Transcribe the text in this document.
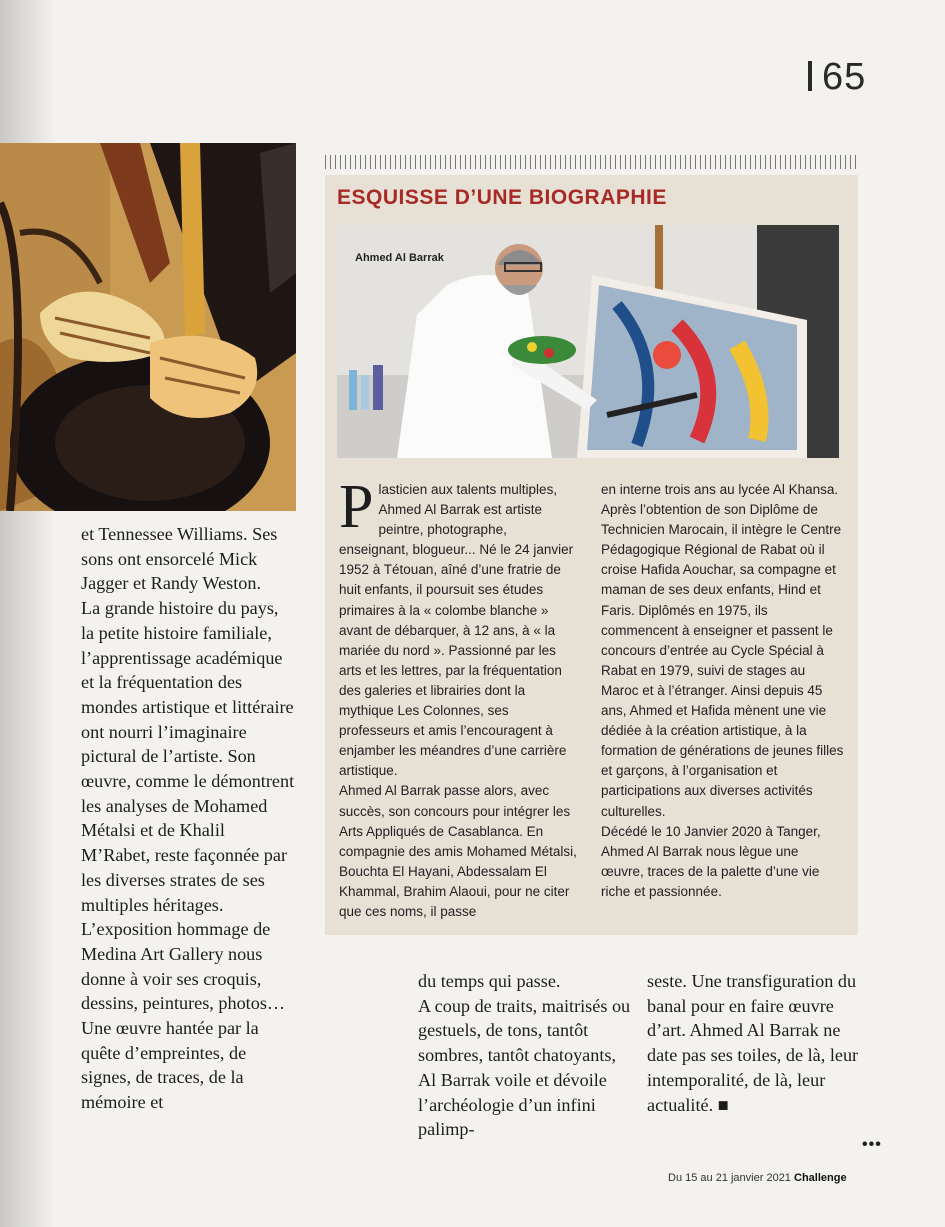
65
ESQUISSE D’UNE BIOGRAPHIE
Ahmed Al Barrak

Plasticien aux talents multiples, Ahmed Al Barrak est artiste peintre, photographe, enseignant, blogueur... Né le 24 janvier 1952 à Tétouan, aîné d’une fratrie de huit enfants, il poursuit ses études primaires à la « colombe blanche » avant de débarquer, à 12 ans, à « la mariée du nord ». Passionné par les arts et les lettres, par la fréquentation des galeries et librairies dont la mythique Les Colonnes, ses professeurs et amis l’encouragent à enjamber les méandres d’une carrière artistique.

Ahmed Al Barrak passe alors, avec succès, son concours pour intégrer les Arts Appliqués de Casablanca. En compagnie des amis Mohamed Métalsi, Bouchta El Hayani, Abdessalam El Khammal, Brahim Alaoui, pour ne citer que ces noms, il passe

en interne trois ans au lycée Al Khansa. Après l’obtention de son Diplôme de Technicien Marocain, il intègre le Centre Pédagogique Régional de Rabat où il croise Hafida Aouchar, sa compagne et maman de ses deux enfants, Hind et Faris. Diplômés en 1975, ils commencent à enseigner et passent le concours d’entrée au Cycle Spécial à Rabat en 1979, suivi de stages au Maroc et à l’étranger. Ainsi depuis 45 ans, Ahmed et Hafida mènent une vie dédiée à la création artistique, à la formation de générations de jeunes filles et garçons, à l’organisation et participations aux diverses activités culturelles.

Décédé le 10 Janvier 2020 à Tanger, Ahmed Al Barrak nous lègue une œuvre, traces de la palette d’une vie riche et passionnée.

et Tennessee Williams. Ses sons ont ensorcelé Mick Jagger et Randy Weston.

La grande histoire du pays, la petite histoire familiale, l’apprentissage académique et la fréquentation des mondes artistique et littéraire ont nourri l’imaginaire pictural de l’artiste. Son œuvre, comme le démontrent les analyses de Mohamed Métalsi et de Khalil M’Rabet, reste façonnée par les diverses strates de ses multiples héritages.

L’exposition hommage de Medina Art Gallery nous donne à voir ses croquis, dessins, peintures, photos…Une œuvre hantée par la quête d’empreintes, de signes, de traces, de la mémoire et

du temps qui passe.

A coup de traits, maitrisés ou gestuels, de tons, tantôt sombres, tantôt chatoyants, Al Barrak voile et dévoile l’archéologie d’un infini palimp-

seste. Une transfiguration du banal pour en faire œuvre d’art. Ahmed Al Barrak ne date pas ses toiles, de là, leur intemporalité, de là, leur actualité. ■

•••
Du 15 au 21 janvier 2021 Challenge
